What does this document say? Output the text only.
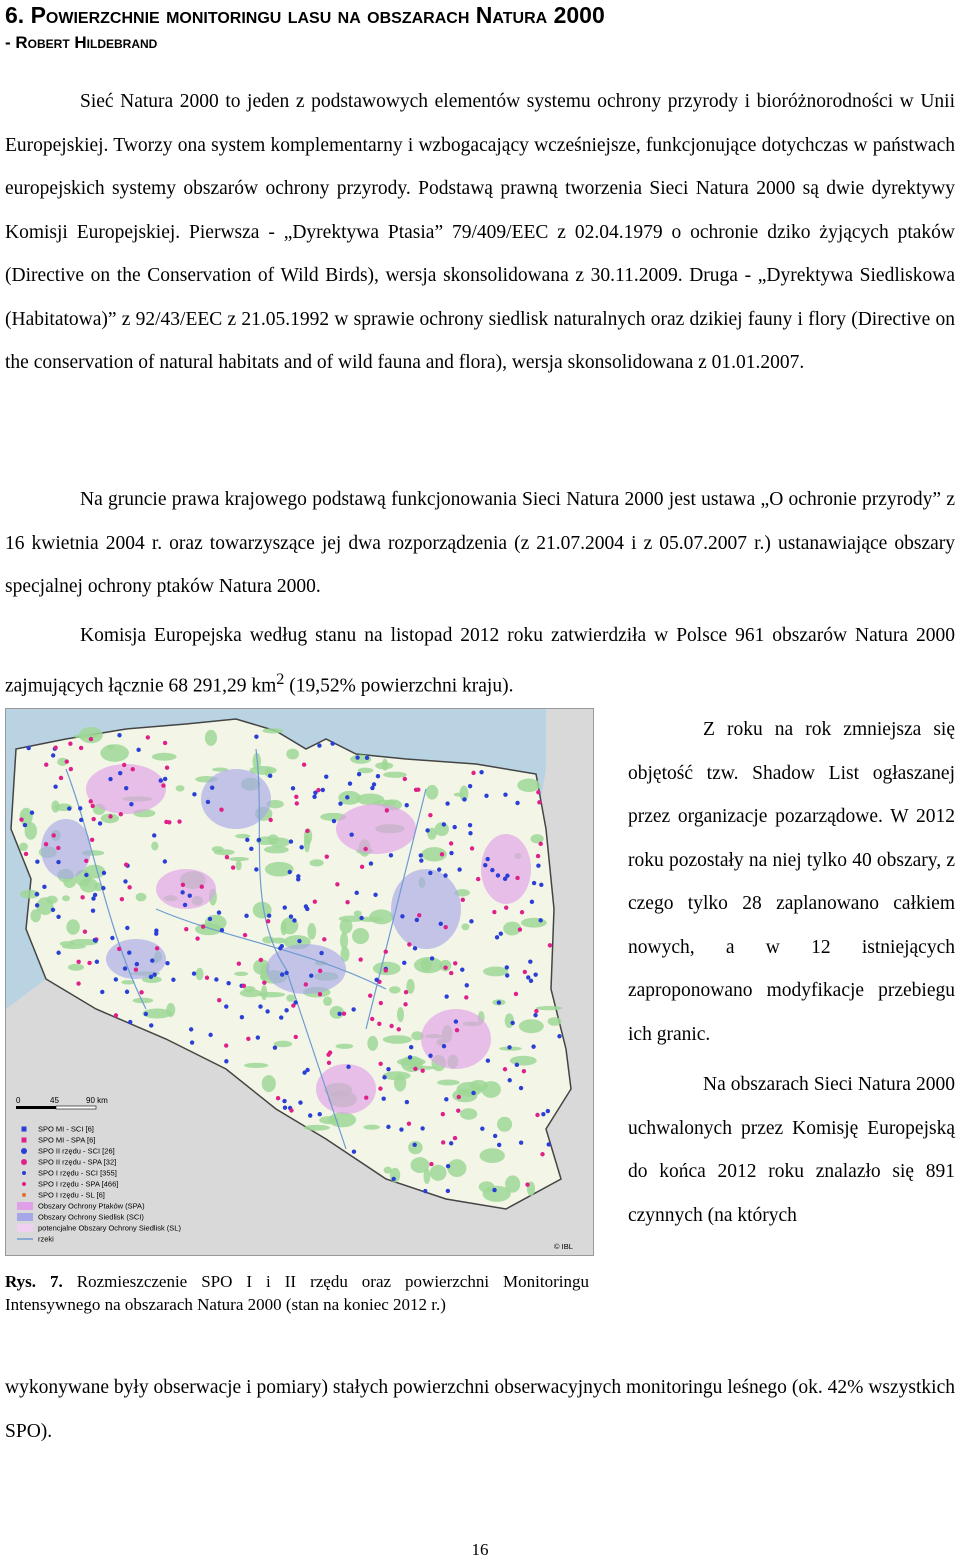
6. Powierzchnie monitoringu lasu na obszarach Natura 2000
- Robert Hildebrand

Sieć Natura 2000 to jeden z podstawowych elementów systemu ochrony przyrody i bioróżnorodności w Unii Europejskiej. Tworzy ona system komplementarny i wzbogacający wcześniejsze, funkcjonujące dotychczas w państwach europejskich systemy obszarów ochrony przyrody. Podstawą prawną tworzenia Sieci Natura 2000 są dwie dyrektywy Komisji Europejskiej. Pierwsza - „Dyrektywa Ptasia” 79/409/EEC z 02.04.1979 o ochronie dziko żyjących ptaków (Directive on the Conservation of Wild Birds), wersja skonsolidowana z 30.11.2009. Druga - „Dyrektywa Siedliskowa (Habitatowa)” z 92/43/EEC z 21.05.1992 w sprawie ochrony siedlisk naturalnych oraz dzikiej fauny i flory (Directive on the conservation of natural habitats and of wild fauna and flora), wersja skonsolidowana z 01.01.2007.

Na gruncie prawa krajowego podstawą funkcjonowania Sieci Natura 2000 jest ustawa „O ochronie przyrody” z 16 kwietnia 2004 r. oraz towarzyszące jej dwa rozporządzenia (z 21.07.2004 i z 05.07.2007 r.) ustanawiające obszary specjalnej ochrony ptaków Natura 2000.

Komisja Europejska według stanu na listopad 2012 roku zatwierdziła w Polsce 961 obszarów Natura 2000 zajmujących łącznie 68 291,29 $km^2$ (19,52% powierzchni kraju).

0	45	90 km
SPO MI - SCI [6]
SPO MI - SPA [6]
SPO II rzędu - SCI [26]
SPO II rzędu - SPA [32]
SPO I rzędu - SCI [355]
SPO I rzędu - SPA [466]
SPO I rzędu - SL [6]
Obszary Ochrony Ptaków (SPA)
Obszary Ochrony Siedlisk (SCI)
potencjalne Obszary Ochrony Siedlisk (SL)
rzeki
© IBL
Rys. 7. Rozmieszczenie SPO I i II rzędu oraz powierzchni Monitoringu Intensywnego na obszarach Natura 2000 (stan na koniec 2012 r.)

Z roku na rok zmniejsza się objętość tzw. Shadow List ogłaszanej przez organizacje pozarządowe. W 2012 roku pozostały na niej tylko 40 obszary, z czego tylko 28 zaplanowano całkiem nowych, a w 12 istniejących zaproponowano modyfikacje przebiegu ich granic.

Na obszarach Sieci Natura 2000 uchwalonych przez Komisję Europejską do końca 2012 roku znalazło się 891 czynnych (na których

wykonywane były obserwacje i pomiary) stałych powierzchni obserwacyjnych monitoringu leśnego (ok. 42% wszystkich SPO).
16
